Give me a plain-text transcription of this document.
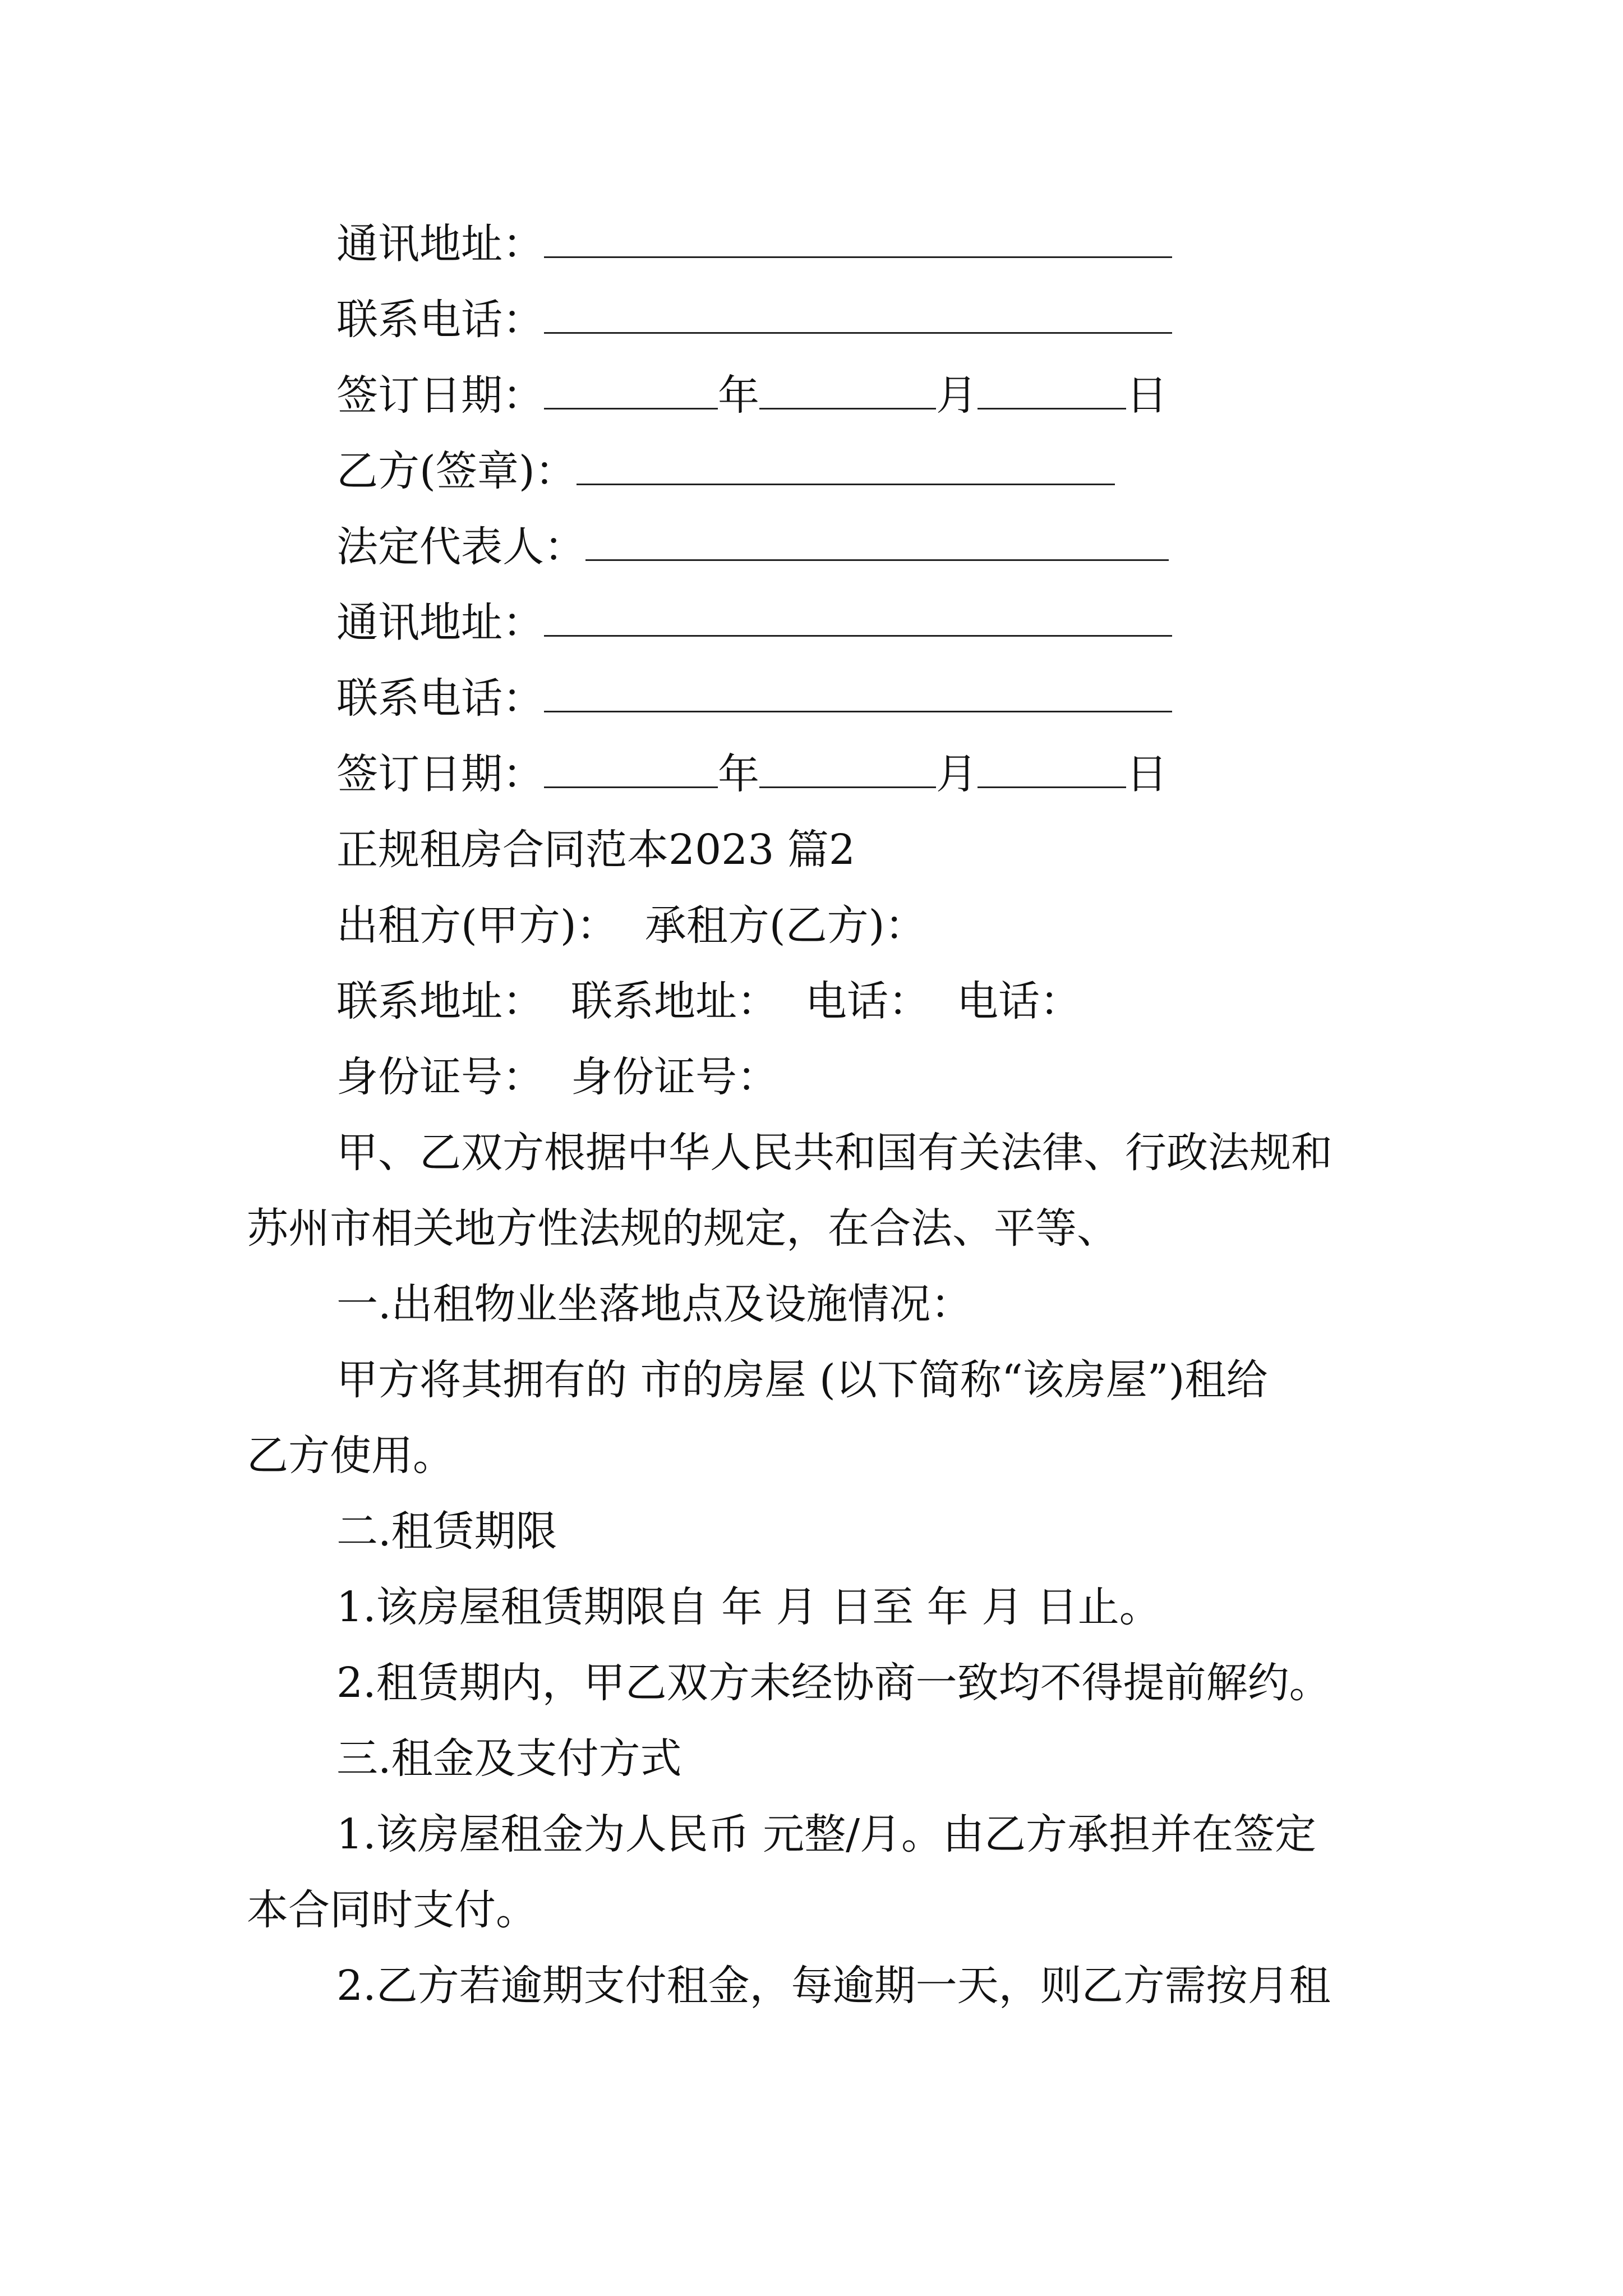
通讯地址：
联系电话：
签订日期：	年	月	日
乙方(签章)：
法定代表人：
通讯地址：
联系电话：
签订日期：	年	月	日
正规租房合同范本2023 篇2
出租方(甲方)： 承租方(乙方)：
联系地址： 联系地址： 电话： 电话：
身份证号： 身份证号：
甲、乙双方根据中华人民共和国有关法律、行政法规和
苏州市相关地方性法规的规定，在合法、平等、
一.出租物业坐落地点及设施情况：
甲方将其拥有的 市的房屋 (以下简称“该房屋”)租给
乙方使用。
二.租赁期限
1.该房屋租赁期限自 年 月 日至 年 月 日止。
2.租赁期内，甲乙双方未经协商一致均不得提前解约。
三.租金及支付方式
1.该房屋租金为人民币 元整/月。由乙方承担并在签定
本合同时支付。
2.乙方若逾期支付租金，每逾期一天，则乙方需按月租
